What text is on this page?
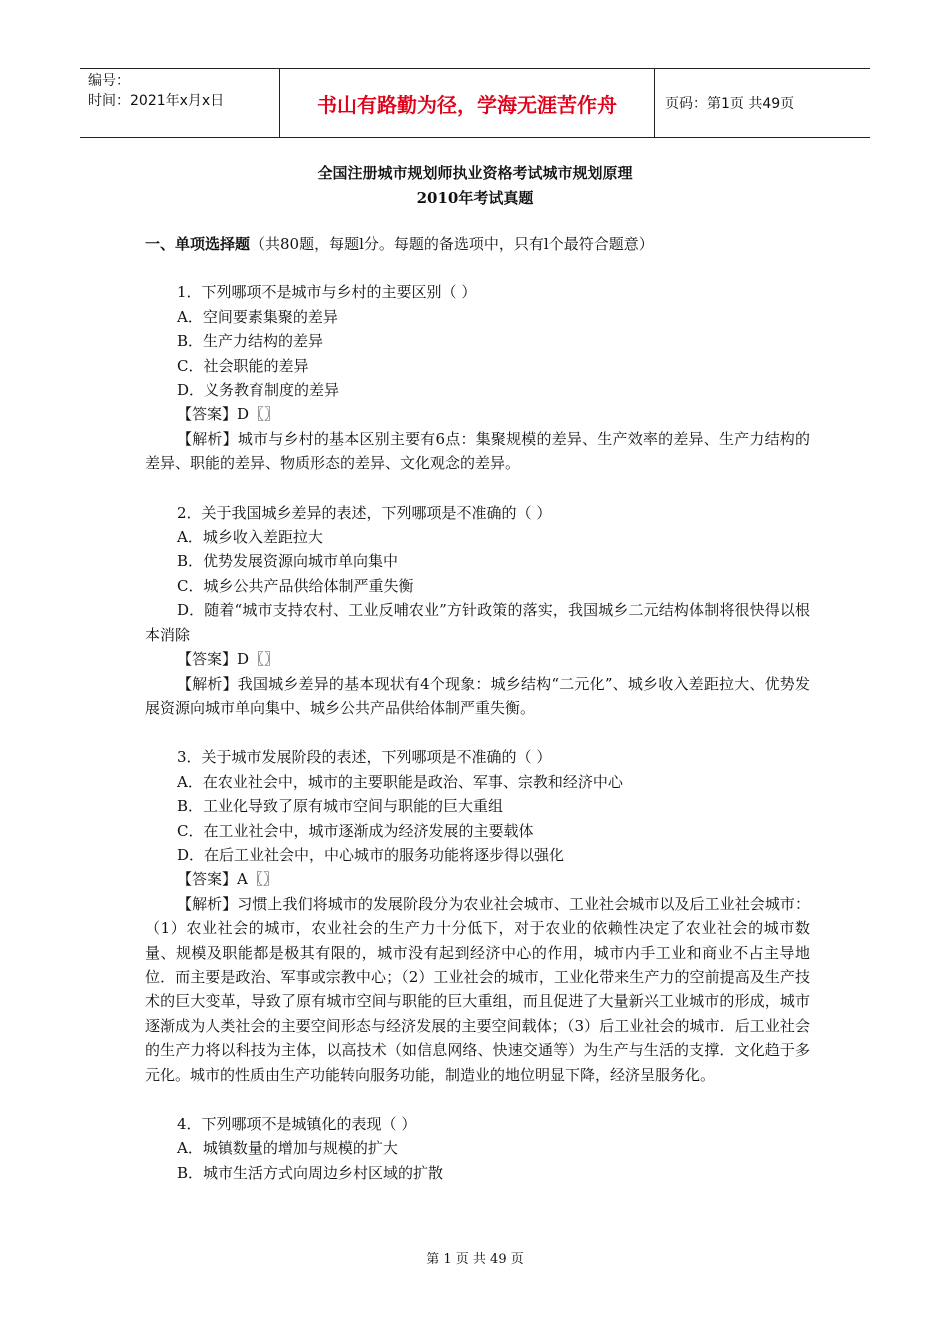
编号：
时间：2021年x月x日	书山有路勤为径，学海无涯苦作舟	页码：第1页 共49页
全国注册城市规划师执业资格考试城市规划原理
2010年考试真题

一、单项选择题（共80题，每题l分。每题的备选项中，只有l个最符合题意）

1．下列哪项不是城市与乡村的主要区别（ ）

A．空间要素集聚的差异

B．生产力结构的差异

C．社会职能的差异

D．义务教育制度的差异

【答案】D〖〗

【解析】城市与乡村的基本区别主要有6点：集聚规模的差异、生产效率的差异、生产力结构的差异、职能的差异、物质形态的差异、文化观念的差异。

2．关于我国城乡差异的表述，下列哪项是不准确的（ ）

A．城乡收入差距拉大

B．优势发展资源向城市单向集中

C．城乡公共产品供给体制严重失衡

D．随着“城市支持农村、工业反哺农业”方针政策的落实，我国城乡二元结构体制将很快得以根本消除

【答案】D〖〗

【解析】我国城乡差异的基本现状有4个现象：城乡结构“二元化”、城乡收入差距拉大、优势发展资源向城市单向集中、城乡公共产品供给体制严重失衡。

3．关于城市发展阶段的表述，下列哪项是不准确的（ ）

A．在农业社会中，城市的主要职能是政治、军事、宗教和经济中心

B．工业化导致了原有城市空间与职能的巨大重组

C．在工业社会中，城市逐渐成为经济发展的主要载体

D．在后工业社会中，中心城市的服务功能将逐步得以强化

【答案】A〖〗

【解析】习惯上我们将城市的发展阶段分为农业社会城市、工业社会城市以及后工业社会城市：（1）农业社会的城市，农业社会的生产力十分低下，对于农业的依赖性决定了农业社会的城市数量、规模及职能都是极其有限的，城市没有起到经济中心的作用，城市内手工业和商业不占主导地位．而主要是政治、军事或宗教中心；（2）工业社会的城市，工业化带来生产力的空前提高及生产技术的巨大变革，导致了原有城市空间与职能的巨大重组，而且促进了大量新兴工业城市的形成，城市逐渐成为人类社会的主要空间形态与经济发展的主要空间载体；（3）后工业社会的城市．后工业社会的生产力将以科技为主体，以高技术（如信息网络、快速交通等）为生产与生活的支撑．文化趋于多元化。城市的性质由生产功能转向服务功能，制造业的地位明显下降，经济呈服务化。

4．下列哪项不是城镇化的表现（ ）

A．城镇数量的增加与规模的扩大

B．城市生活方式向周边乡村区域的扩散

第 1 页 共 49 页
